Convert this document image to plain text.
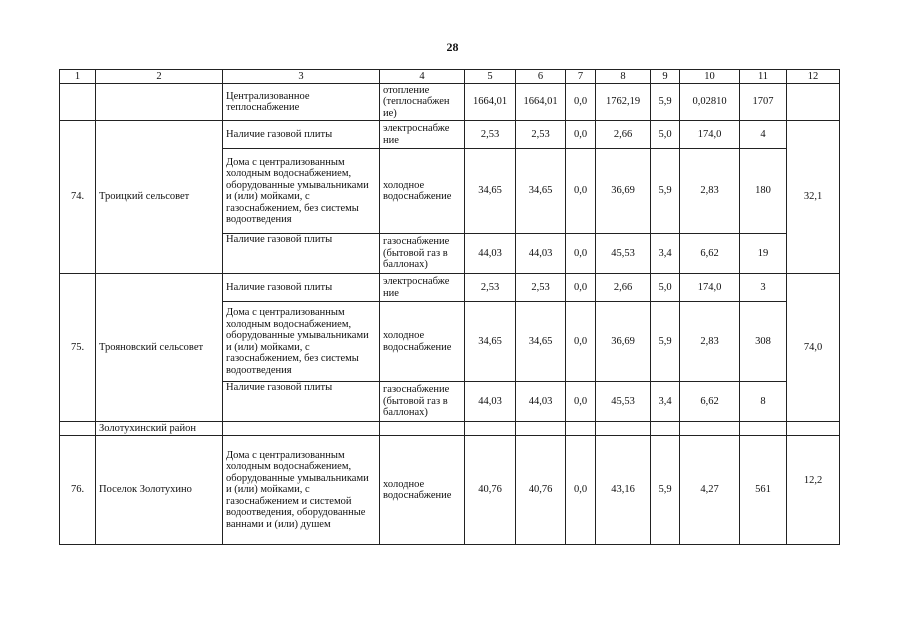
28
1	2	3	4	5	6	7	8	9	10	11	12
		Централизованное теплоснабжение	отопление (теплоснабжен ие)	1664,01	1664,01	0,0	1762,19	5,9	0,02810	1707	
74.	Троицкий сельсовет	Наличие газовой плиты	электроснабже ние	2,53	2,53	0,0	2,66	5,0	174,0	4	32,1
		Дома с централизованным холодным водоснабжением, оборудованные умывальниками и (или) мойками, с газоснабжением, без системы водоотведения	холодное водоснабжение	34,65	34,65	0,0	36,69	5,9	2,83	180	
		Наличие газовой плиты	газоснабжение (бытовой газ в баллонах)	44,03	44,03	0,0	45,53	3,4	6,62	19	
75.	Трояновский сельсовет	Наличие газовой плиты	электроснабже ние	2,53	2,53	0,0	2,66	5,0	174,0	3	74,0
		Дома с централизованным холодным водоснабжением, оборудованные умывальниками и (или) мойками, с газоснабжением, без системы водоотведения	холодное водоснабжение	34,65	34,65	0,0	36,69	5,9	2,83	308	
		Наличие газовой плиты	газоснабжение (бытовой газ в баллонах)	44,03	44,03	0,0	45,53	3,4	6,62	8	
	Золотухинский район										
76.	Поселок Золотухино	Дома с централизованным холодным водоснабжением, оборудованные умывальниками и (или) мойками, с газоснабжением и системой водоотведения, оборудованные ваннами и (или) душем	холодное водоснабжение	40,76	40,76	0,0	43,16	5,9	4,27	561	12,2
